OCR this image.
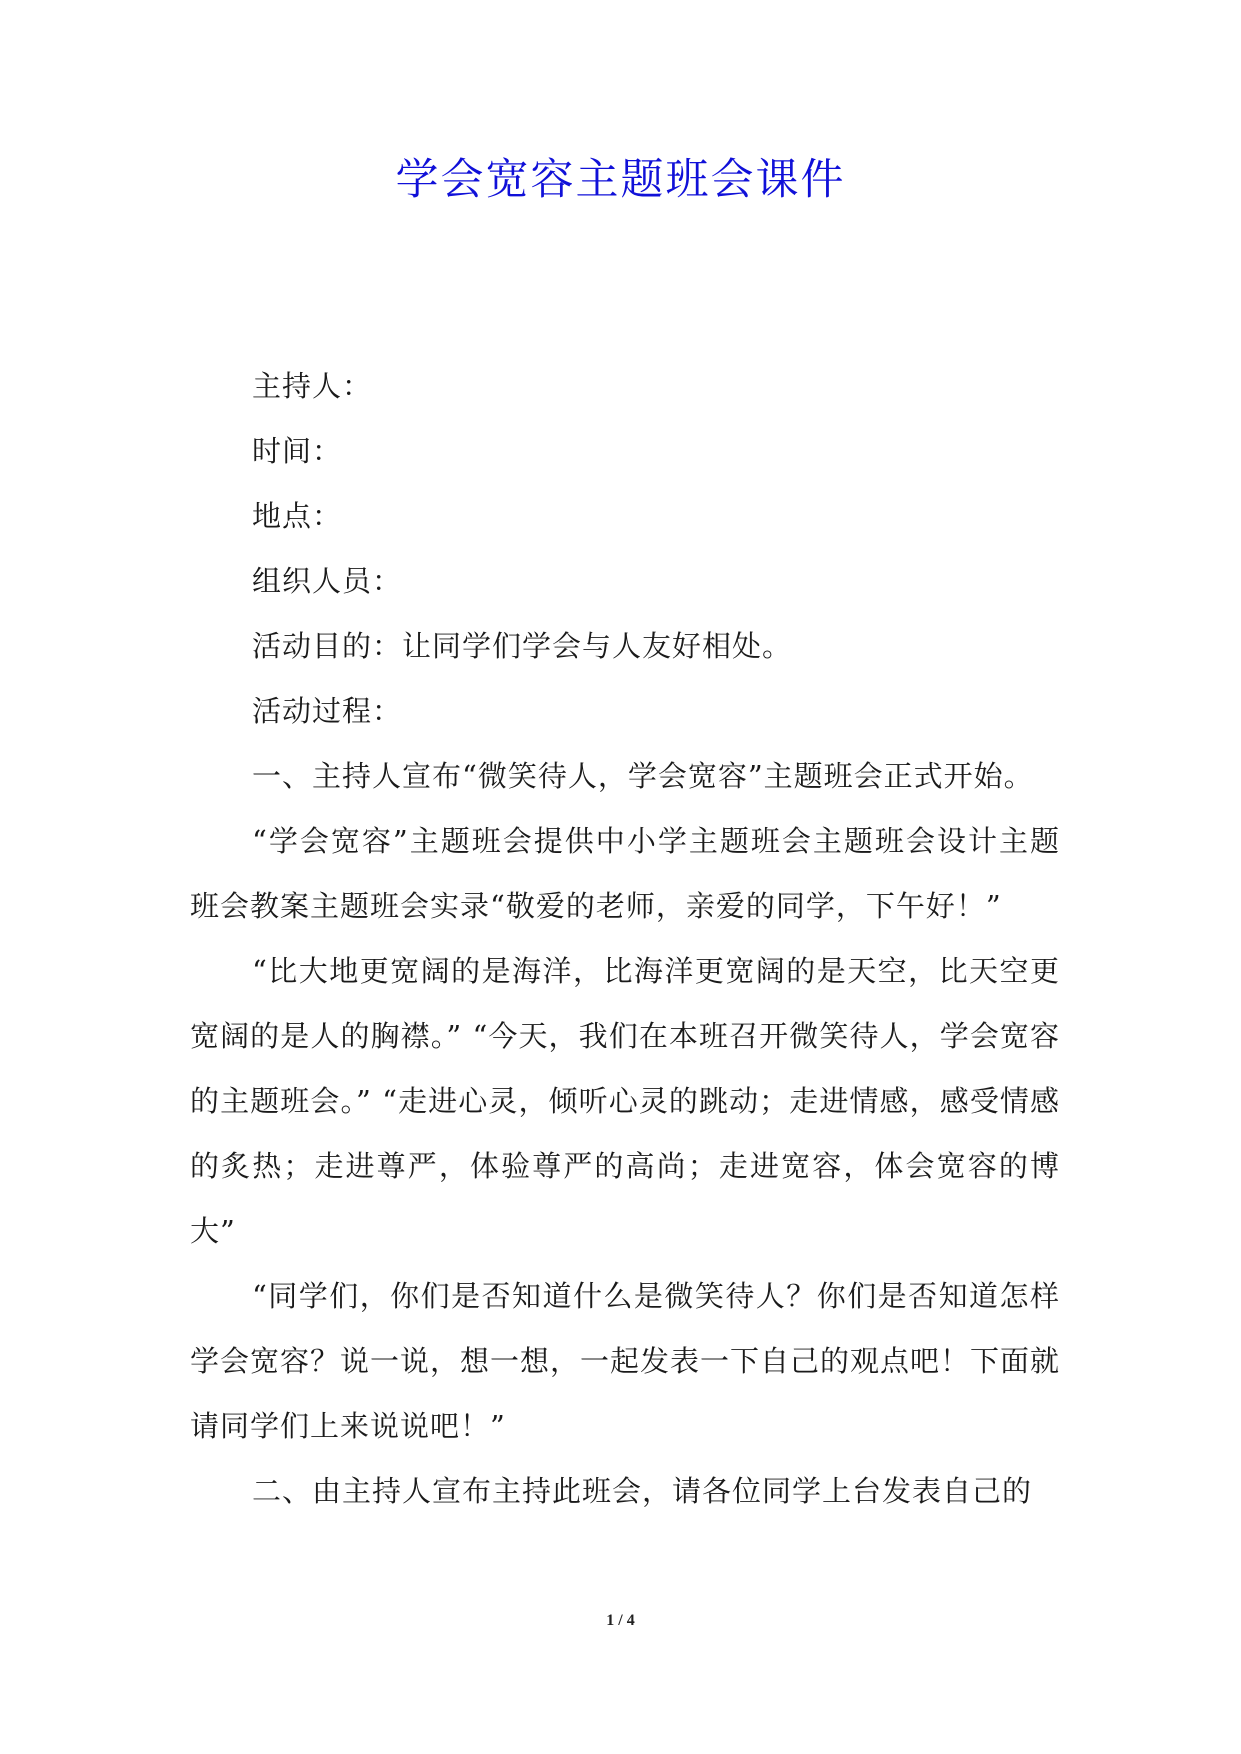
学会宽容主题班会课件

主持人：

时间：

地点：

组织人员：

活动目的：让同学们学会与人友好相处。

活动过程：

一、主持人宣布“微笑待人，学会宽容”主题班会正式开始。

“学会宽容”主题班会提供中小学主题班会主题班会设计主题班会教案主题班会实录“敬爱的老师，亲爱的同学，下午好！”

“比大地更宽阔的是海洋，比海洋更宽阔的是天空，比天空更宽阔的是人的胸襟。” “今天，我们在本班召开微笑待人，学会宽容的主题班会。” “走进心灵，倾听心灵的跳动；走进情感，感受情感的炙热；走进尊严，体验尊严的高尚；走进宽容，体会宽容的博大”

“同学们，你们是否知道什么是微笑待人？你们是否知道怎样学会宽容？说一说，想一想，一起发表一下自己的观点吧！下面就请同学们上来说说吧！”

二、由主持人宣布主持此班会，请各位同学上台发表自己的

1 / 4
